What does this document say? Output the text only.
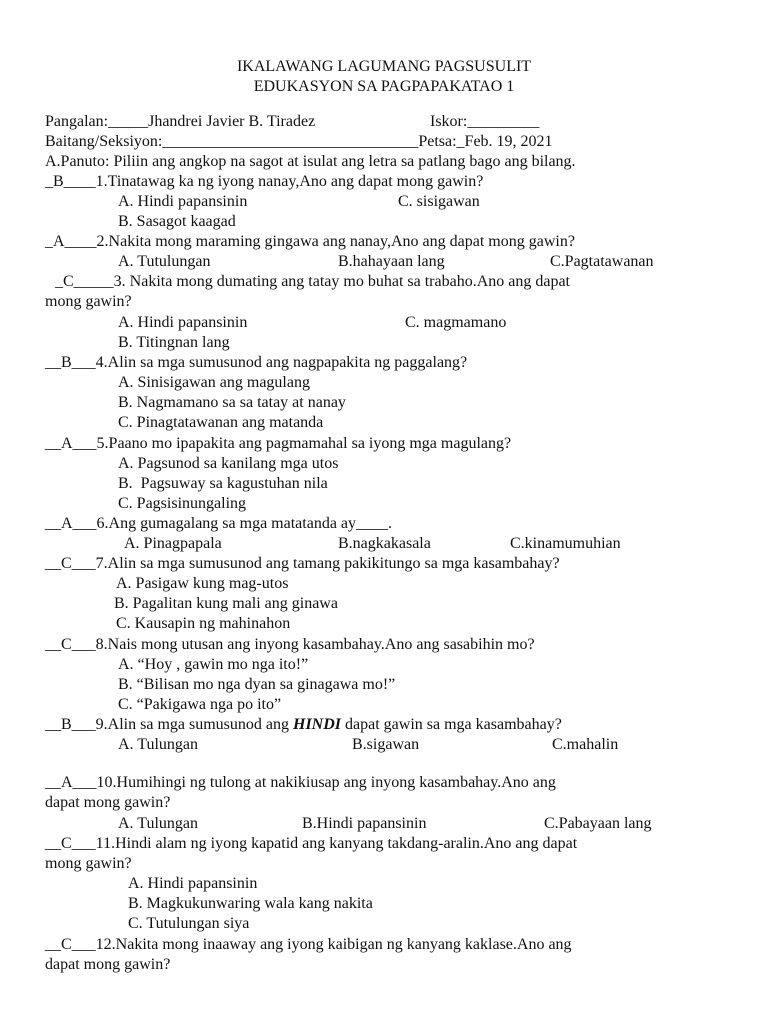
IKALAWANG LAGUMANG PAGSUSULIT
EDUKASYON SA PAGPAPAKATAO 1
Pangalan:_____Jhandrei Javier B. Tiradez	Iskor:_________
Baitang/Seksiyon:________________________________Petsa:_Feb. 19, 2021
A.Panuto: Piliin ang angkop na sagot at isulat ang letra sa patlang bago ang bilang.
_B____1.Tinatawag ka ng iyong nanay,Ano ang dapat mong gawin?
A. Hindi papansinin	C. sisigawan
B. Sasagot kaagad
_A____2.Nakita mong maraming gingawa ang nanay,Ano ang dapat mong gawin?
A. Tutulungan	B.hahayaan lang	C.Pagtatawanan
_C_____3. Nakita mong dumating ang tatay mo buhat sa trabaho.Ano ang dapat
mong gawin?
A. Hindi papansinin	C. magmamano
B. Titingnan lang
__B___4.Alin sa mga sumusunod ang nagpapakita ng paggalang?
A. Sinisigawan ang magulang
B. Nagmamano sa sa tatay at nanay
C. Pinagtatawanan ang matanda
__A___5.Paano mo ipapakita ang pagmamahal sa iyong mga magulang?
A. Pagsunod sa kanilang mga utos
B.  Pagsuway sa kagustuhan nila
C. Pagsisinungaling
__A___6.Ang gumagalang sa mga matatanda ay____.
A. Pinagpapala	B.nagkakasala	C.kinamumuhian
__C___7.Alin sa mga sumusunod ang tamang pakikitungo sa mga kasambahay?
A. Pasigaw kung mag-utos
B. Pagalitan kung mali ang ginawa
C. Kausapin ng mahinahon
__C___8.Nais mong utusan ang inyong kasambahay.Ano ang sasabihin mo?
A. “Hoy , gawin mo nga ito!”
B. “Bilisan mo nga dyan sa ginagawa mo!”
C. “Pakigawa nga po ito”
__B___9.Alin sa mga sumusunod ang HINDI dapat gawin sa mga kasambahay?
A. Tulungan	B.sigawan	C.mahalin
__A___10.Humihingi ng tulong at nakikiusap ang inyong kasambahay.Ano ang
dapat mong gawin?
A. Tulungan	B.Hindi papansinin	C.Pabayaan lang
__C___11.Hindi alam ng iyong kapatid ang kanyang takdang-aralin.Ano ang dapat
mong gawin?
A. Hindi papansinin
B. Magkukunwaring wala kang nakita
C. Tutulungan siya
__C___12.Nakita mong inaaway ang iyong kaibigan ng kanyang kaklase.Ano ang
dapat mong gawin?
